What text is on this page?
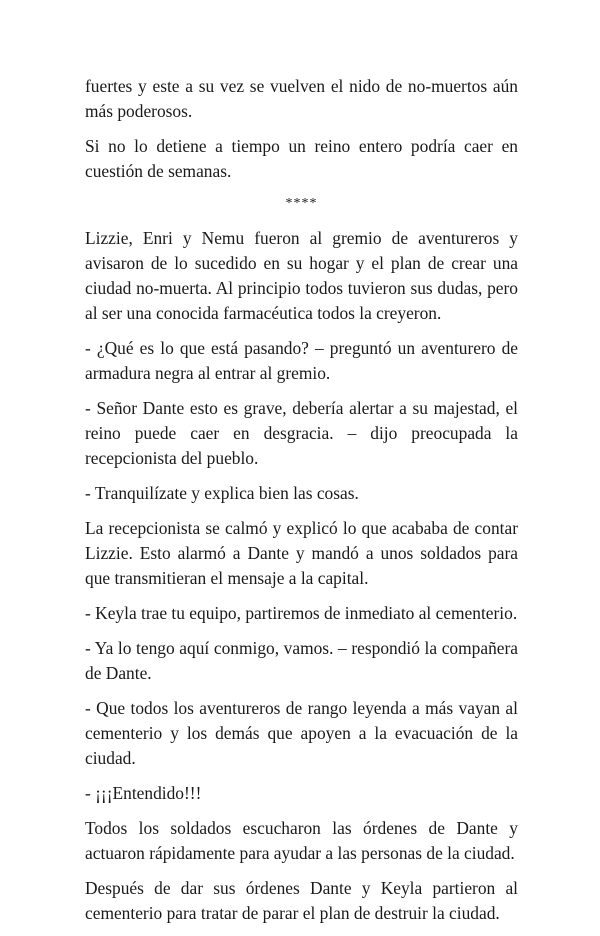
fuertes y este a su vez se vuelven el nido de no-muertos aún más poderosos.

Si no lo detiene a tiempo un reino entero podría caer en cuestión de semanas.

****

Lizzie, Enri y Nemu fueron al gremio de aventureros y avisaron de lo sucedido en su hogar y el plan de crear una ciudad no-muerta. Al principio todos tuvieron sus dudas, pero al ser una conocida farmacéutica todos la creyeron.

- ¿Qué es lo que está pasando? – preguntó un aventurero de armadura negra al entrar al gremio.

- Señor Dante esto es grave, debería alertar a su majestad, el reino puede caer en desgracia. – dijo preocupada la recepcionista del pueblo.

- Tranquilízate y explica bien las cosas.

La recepcionista se calmó y explicó lo que acababa de contar Lizzie. Esto alarmó a Dante y mandó a unos soldados para que transmitieran el mensaje a la capital.

- Keyla trae tu equipo, partiremos de inmediato al cementerio.

- Ya lo tengo aquí conmigo, vamos. – respondió la compañera de Dante.

- Que todos los aventureros de rango leyenda a más vayan al cementerio y los demás que apoyen a la evacuación de la ciudad.

- ¡¡¡Entendido!!!

Todos los soldados escucharon las órdenes de Dante y actuaron rápidamente para ayudar a las personas de la ciudad.

Después de dar sus órdenes Dante y Keyla partieron al cementerio para tratar de parar el plan de destruir la ciudad.
